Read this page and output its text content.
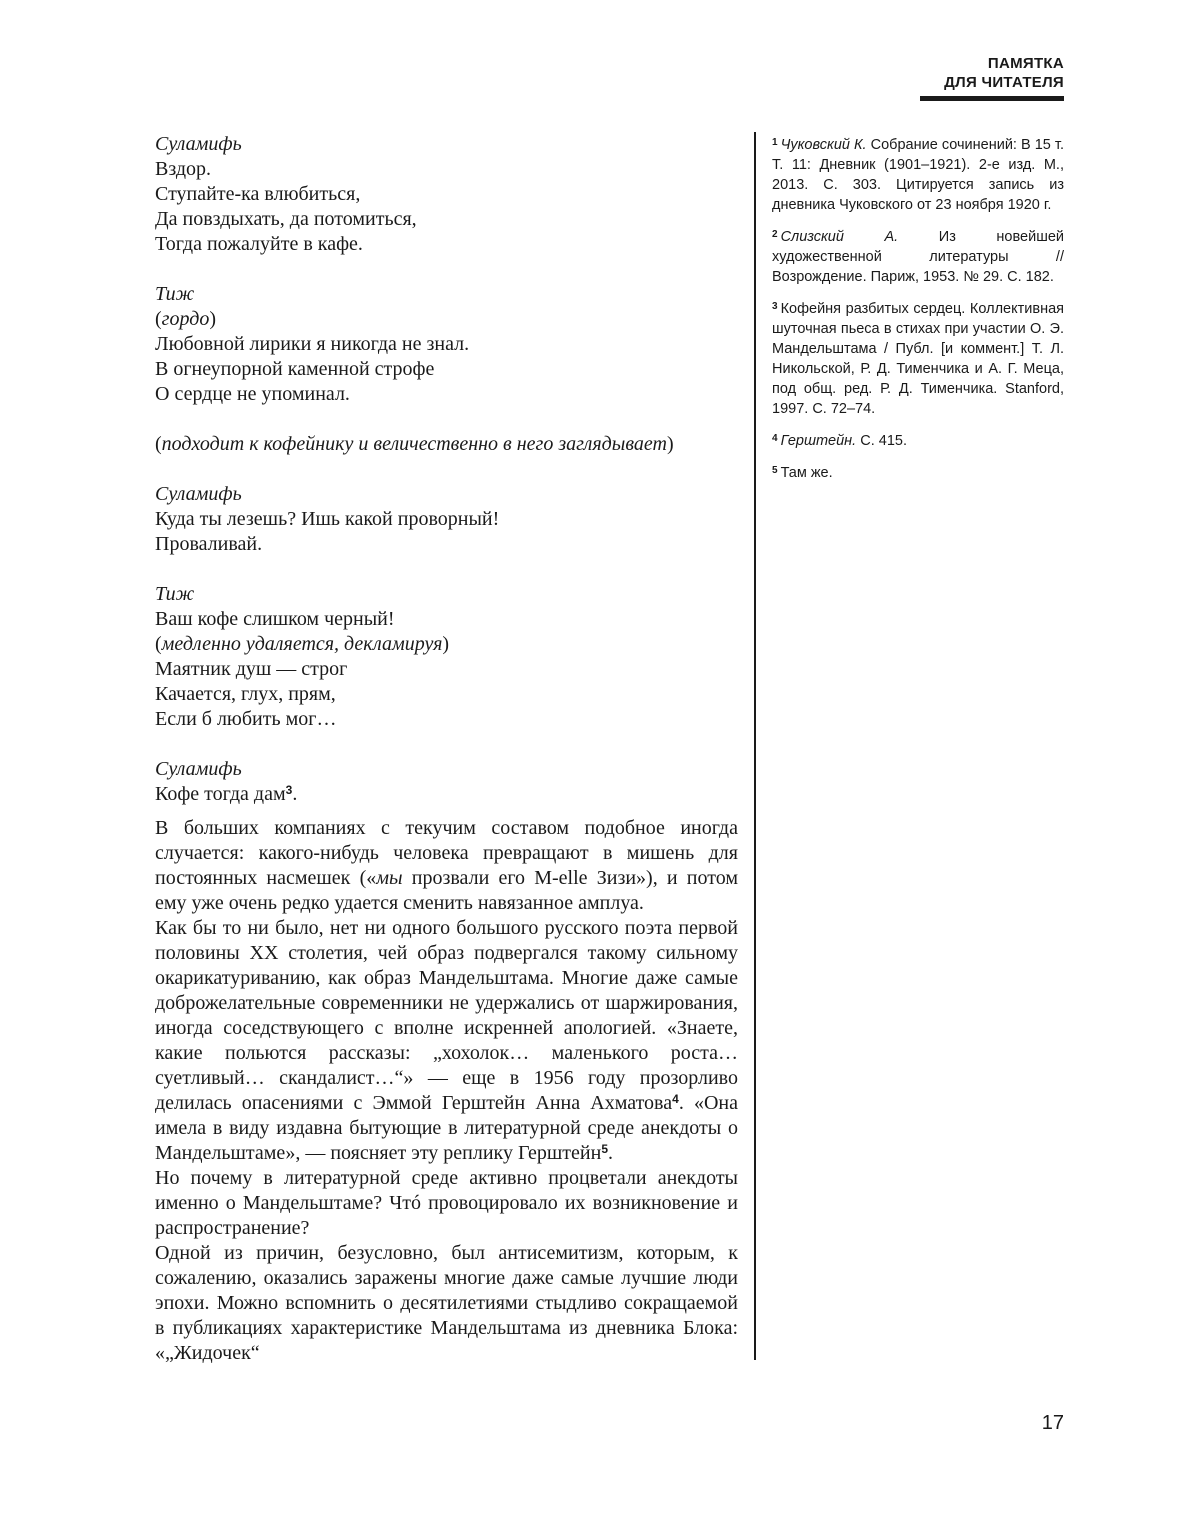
ПАМЯТКА
ДЛЯ ЧИТАТЕЛЯ
Суламифь
Вздор.
Ступайте-ка влюбиться,
Да повздыхать, да потомиться,
Тогда пожалуйте в кафе.
Тиж
(гордо)
Любовной лирики я никогда не знал.
В огнеупорной каменной строфе
О сердце не упоминал.
(подходит к кофейнику и величественно в него заглядывает)
Суламифь
Куда ты лезешь? Ишь какой проворный!
Проваливай.
Тиж
Ваш кофе слишком черный!
(медленно удаляется, декламируя)
Маятник душ — строг
Качается, глух, прям,
Если б любить мог…
Суламифь
Кофе тогда дам$^3$.

В больших компаниях с текучим составом подобное иногда случается: какого-нибудь человека превращают в мишень для постоянных насмешек («мы прозвали его M-elle Зизи»), и потом ему уже очень редко удается сменить навязанное амплуа.

Как бы то ни было, нет ни одного большого русского поэта первой половины XX столетия, чей образ подвергался такому сильному окарикатуриванию, как образ Мандельштама. Многие даже самые доброжелательные современники не удержались от шаржирования, иногда соседствующего с вполне искренней апологией. «Знаете, какие польются рассказы: „хохолок… маленького роста… суетливый… скандалист…“» — еще в 1956 году прозорливо делилась опасениями с Эммой Герштейн Анна Ахматова$^4$. «Она имела в виду издавна бытующие в литературной среде анекдоты о Мандельштаме», — поясняет эту реплику Герштейн$^5$.

Но почему в литературной среде активно процветали анекдоты именно о Мандельштаме? Чтó провоцировало их возникновение и распространение?

Одной из причин, безусловно, был антисемитизм, которым, к сожалению, оказались заражены многие даже самые лучшие люди эпохи. Можно вспомнить о десятилетиями стыдливо сокращаемой в публикациях характеристике Мандельштама из дневника Блока: «„Жидочек“

$^1$ Чуковский К. Собрание сочинений: В 15 т. Т. 11: Дневник (1901–1921). 2-е изд. М., 2013. С. 303. Цитируется запись из дневника Чуковского от 23 ноября 1920 г.

$^2$ Слизский А. Из новейшей художественной литературы // Возрождение. Париж, 1953. № 29. С. 182.

$^3$ Кофейня разбитых сердец. Коллективная шуточная пьеса в стихах при участии О. Э. Мандельштама / Публ. [и коммент.] Т. Л. Никольской, Р. Д. Тименчика и А. Г. Меца, под общ. ред. Р. Д. Тименчика. Stanford, 1997. С. 72–74.

$^4$ Герштейн. С. 415.

$^5$ Там же.

17
